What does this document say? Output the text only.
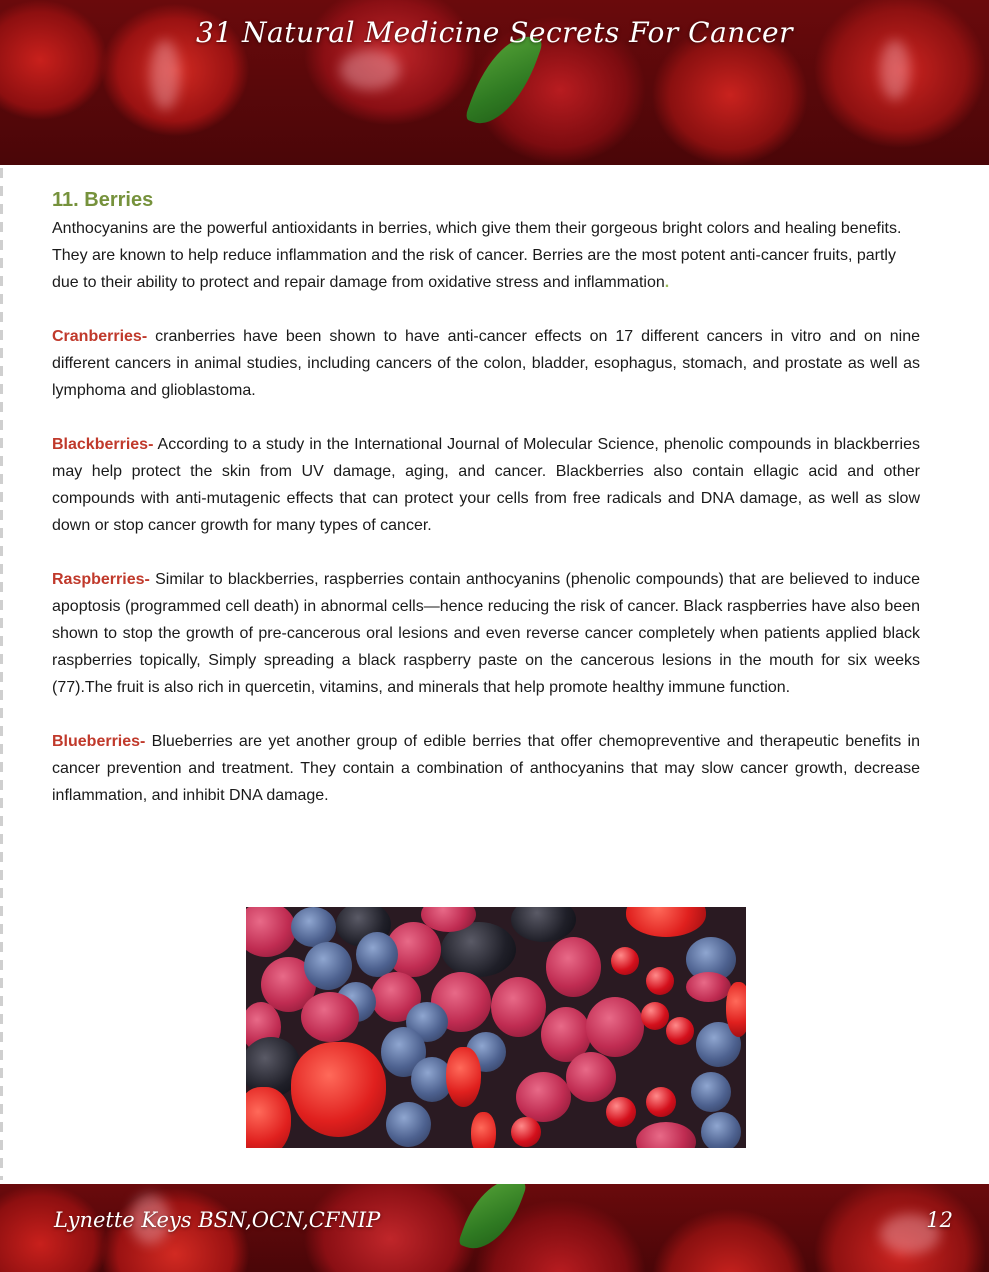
31 Natural Medicine Secrets For Cancer
11. Berries

Anthocyanins are the powerful antioxidants in berries, which give them their gorgeous bright colors and healing benefits. They are known to help reduce inflammation and the risk of cancer. Berries are the most potent anti-cancer fruits, partly due to their ability to protect and repair damage from oxidative stress and inflammation.

Cranberries- cranberries have been shown to have anti-cancer effects on 17 different cancers in vitro and on nine different cancers in animal studies, including cancers of the colon, bladder, esophagus, stomach, and prostate as well as lymphoma and glioblastoma.

Blackberries- According to a study in the International Journal of Molecular Science, phenolic compounds in blackberries may help protect the skin from UV damage, aging, and cancer. Blackberries also contain ellagic acid and other compounds with anti-mutagenic effects that can protect your cells from free radicals and DNA damage, as well as slow down or stop cancer growth for many types of cancer.

Raspberries- Similar to blackberries, raspberries contain anthocyanins (phenolic compounds) that are believed to induce apoptosis (programmed cell death) in abnormal cells—hence reducing the risk of cancer. Black raspberries have also been shown to stop the growth of pre-cancerous oral lesions and even reverse cancer completely when patients applied black raspberries topically, Simply spreading a black raspberry paste on the cancerous lesions in the mouth for six weeks (77).The fruit is also rich in quercetin, vitamins, and minerals that help promote healthy immune function.

Blueberries- Blueberries are yet another group of edible berries that offer chemopreventive and therapeutic benefits in cancer prevention and treatment. They contain a combination of anthocyanins that may slow cancer growth, decrease inflammation, and inhibit DNA damage.

Lynette Keys BSN,OCN,CFNIP	12
